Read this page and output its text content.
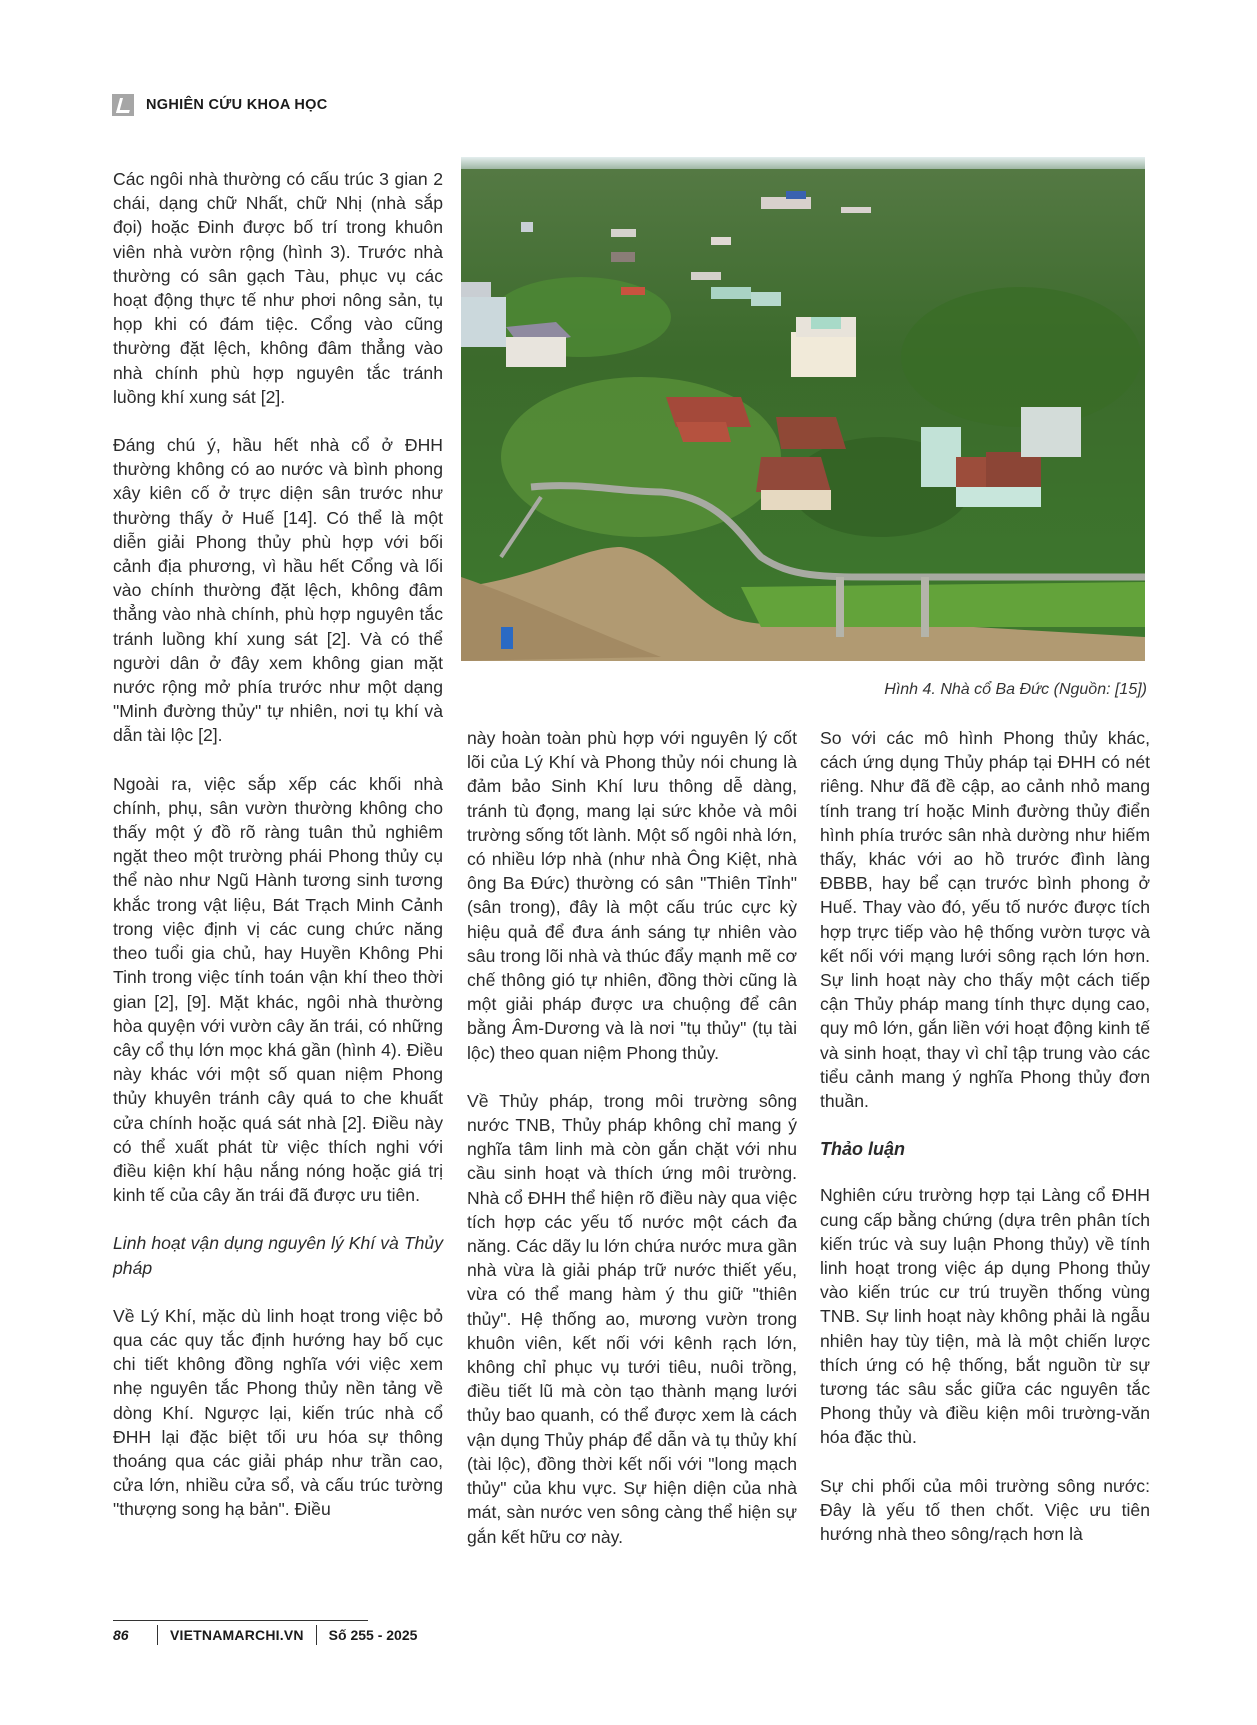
NGHIÊN CỨU KHOA HỌC

Các ngôi nhà thường có cấu trúc 3 gian 2 chái, dạng chữ Nhất, chữ Nhị (nhà sắp đọi) hoặc Đinh được bố trí trong khuôn viên nhà vườn rộng (hình 3). Trước nhà thường có sân gạch Tàu, phục vụ các hoạt động thực tế như phơi nông sản, tụ họp khi có đám tiệc. Cổng vào cũng thường đặt lệch, không đâm thẳng vào nhà chính phù hợp nguyên tắc tránh luồng khí xung sát [2].

Đáng chú ý, hầu hết nhà cổ ở ĐHH thường không có ao nước và bình phong xây kiên cố ở trực diện sân trước như thường thấy ở Huế [14]. Có thể là một diễn giải Phong thủy phù hợp với bối cảnh địa phương, vì hầu hết Cổng và lối vào chính thường đặt lệch, không đâm thẳng vào nhà chính, phù hợp nguyên tắc tránh luồng khí xung sát [2]. Và có thể người dân ở đây xem không gian mặt nước rộng mở phía trước như một dạng "Minh đường thủy" tự nhiên, nơi tụ khí và dẫn tài lộc [2].

Ngoài ra, việc sắp xếp các khối nhà chính, phụ, sân vườn thường không cho thấy một ý đồ rõ ràng tuân thủ nghiêm ngặt theo một trường phái Phong thủy cụ thể nào như Ngũ Hành tương sinh tương khắc trong vật liệu, Bát Trạch Minh Cảnh trong việc định vị các cung chức năng theo tuổi gia chủ, hay Huyền Không Phi Tinh trong việc tính toán vận khí theo thời gian [2], [9]. Mặt khác, ngôi nhà thường hòa quyện với vườn cây ăn trái, có những cây cổ thụ lớn mọc khá gần (hình 4). Điều này khác với một số quan niệm Phong thủy khuyên tránh cây quá to che khuất cửa chính hoặc quá sát nhà [2]. Điều này có thể xuất phát từ việc thích nghi với điều kiện khí hậu nắng nóng hoặc giá trị kinh tế của cây ăn trái đã được ưu tiên.

Linh hoạt vận dụng nguyên lý Khí và Thủy pháp

Về Lý Khí, mặc dù linh hoạt trong việc bỏ qua các quy tắc định hướng hay bố cục chi tiết không đồng nghĩa với việc xem nhẹ nguyên tắc Phong thủy nền tảng về dòng Khí. Ngược lại, kiến trúc nhà cổ ĐHH lại đặc biệt tối ưu hóa sự thông thoáng qua các giải pháp như trần cao, cửa lớn, nhiều cửa sổ, và cấu trúc tường "thượng song hạ bản". Điều

Hình 4. Nhà cổ Ba Đức (Nguồn: [15])

này hoàn toàn phù hợp với nguyên lý cốt lõi của Lý Khí và Phong thủy nói chung là đảm bảo Sinh Khí lưu thông dễ dàng, tránh tù đọng, mang lại sức khỏe và môi trường sống tốt lành. Một số ngôi nhà lớn, có nhiều lớp nhà (như nhà Ông Kiệt, nhà ông Ba Đức) thường có sân "Thiên Tỉnh" (sân trong), đây là một cấu trúc cực kỳ hiệu quả để đưa ánh sáng tự nhiên vào sâu trong lõi nhà và thúc đẩy mạnh mẽ cơ chế thông gió tự nhiên, đồng thời cũng là một giải pháp được ưa chuộng để cân bằng Âm-Dương và là nơi "tụ thủy" (tụ tài lộc) theo quan niệm Phong thủy.

Về Thủy pháp, trong môi trường sông nước TNB, Thủy pháp không chỉ mang ý nghĩa tâm linh mà còn gắn chặt với nhu cầu sinh hoạt và thích ứng môi trường. Nhà cổ ĐHH thể hiện rõ điều này qua việc tích hợp các yếu tố nước một cách đa năng. Các dãy lu lớn chứa nước mưa gần nhà vừa là giải pháp trữ nước thiết yếu, vừa có thể mang hàm ý thu giữ "thiên thủy". Hệ thống ao, mương vườn trong khuôn viên, kết nối với kênh rạch lớn, không chỉ phục vụ tưới tiêu, nuôi trồng, điều tiết lũ mà còn tạo thành mạng lưới thủy bao quanh, có thể được xem là cách vận dụng Thủy pháp để dẫn và tụ thủy khí (tài lộc), đồng thời kết nối với "long mạch thủy" của khu vực. Sự hiện diện của nhà mát, sàn nước ven sông càng thể hiện sự gắn kết hữu cơ này.

So với các mô hình Phong thủy khác, cách ứng dụng Thủy pháp tại ĐHH có nét riêng. Như đã đề cập, ao cảnh nhỏ mang tính trang trí hoặc Minh đường thủy điển hình phía trước sân nhà dường như hiếm thấy, khác với ao hồ trước đình làng ĐBBB, hay bể cạn trước bình phong ở Huế. Thay vào đó, yếu tố nước được tích hợp trực tiếp vào hệ thống vườn tược và kết nối với mạng lưới sông rạch lớn hơn. Sự linh hoạt này cho thấy một cách tiếp cận Thủy pháp mang tính thực dụng cao, quy mô lớn, gắn liền với hoạt động kinh tế và sinh hoạt, thay vì chỉ tập trung vào các tiểu cảnh mang ý nghĩa Phong thủy đơn thuần.

Thảo luận

Nghiên cứu trường hợp tại Làng cổ ĐHH cung cấp bằng chứng (dựa trên phân tích kiến trúc và suy luận Phong thủy) về tính linh hoạt trong việc áp dụng Phong thủy vào kiến trúc cư trú truyền thống vùng TNB. Sự linh hoạt này không phải là ngẫu nhiên hay tùy tiện, mà là một chiến lược thích ứng có hệ thống, bắt nguồn từ sự tương tác sâu sắc giữa các nguyên tắc Phong thủy và điều kiện môi trường-văn hóa đặc thù.

Sự chi phối của môi trường sông nước: Đây là yếu tố then chốt. Việc ưu tiên hướng nhà theo sông/rạch hơn là

86	VIETNAMARCHI.VN Số 255 - 2025
